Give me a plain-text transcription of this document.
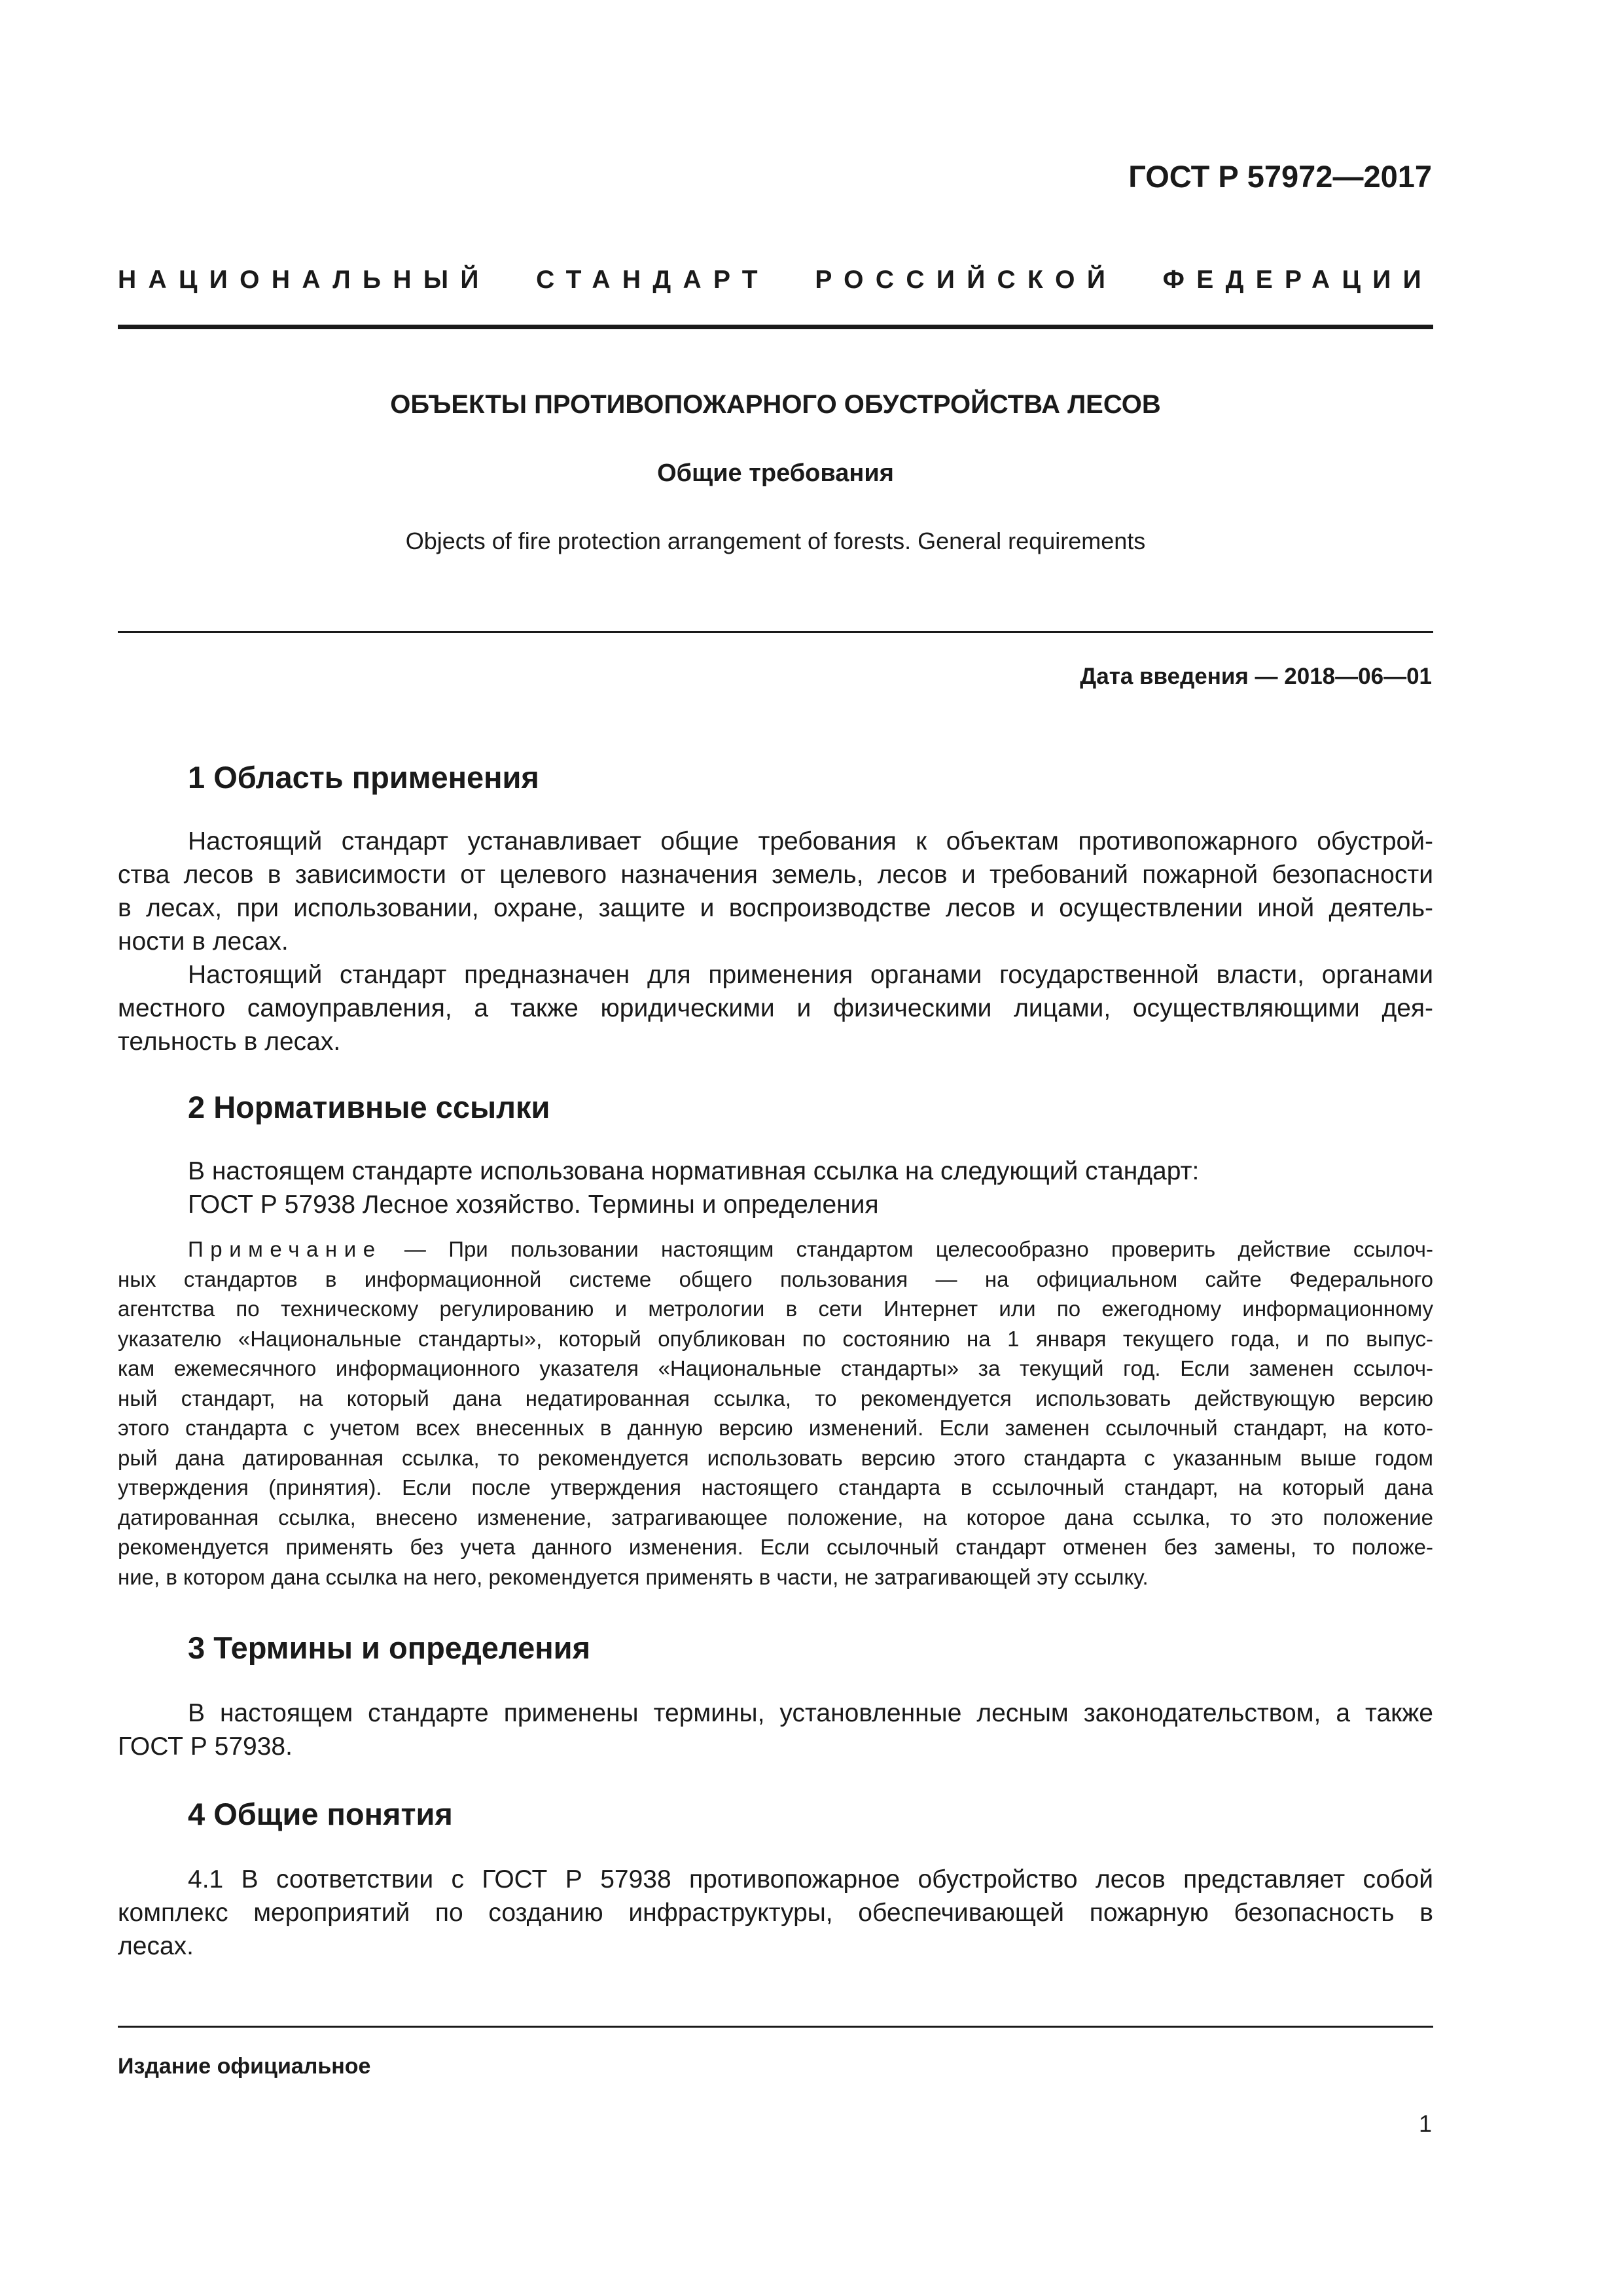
ГОСТ Р 57972—2017
НАЦИОНАЛЬНЫЙ СТАНДАРТ РОССИЙСКОЙ ФЕДЕРАЦИИ
ОБЪЕКТЫ ПРОТИВОПОЖАРНОГО ОБУСТРОЙСТВА ЛЕСОВ
Общие требования
Objects of fire protection arrangement of forests. General requirements
Дата введения — 2018—06—01
1 Область применения

Настоящий стандарт устанавливает общие требования к объектам противопожарного обустрой-
ства лесов в зависимости от целевого назначения земель, лесов и требований пожарной безопасности
в лесах, при использовании, охране, защите и воспроизводстве лесов и осуществлении иной деятель-
ности в лесах.

Настоящий стандарт предназначен для применения органами государственной власти, органами
местного самоуправления, а также юридическими и физическими лицами, осуществляющими дея-
тельность в лесах.

2 Нормативные ссылки

В настоящем стандарте использована нормативная ссылка на следующий стандарт:
ГОСТ Р 57938 Лесное хозяйство. Термины и определения

Примечание — При пользовании настоящим стандартом целесообразно проверить действие ссылоч-
ных стандартов в информационной системе общего пользования — на официальном сайте Федерального
агентства по техническому регулированию и метрологии в сети Интернет или по ежегодному информационному
указателю «Национальные стандарты», который опубликован по состоянию на 1 января текущего года, и по выпус-
кам ежемесячного информационного указателя «Национальные стандарты» за текущий год. Если заменен ссылоч-
ный стандарт, на который дана недатированная ссылка, то рекомендуется использовать действующую версию
этого стандарта с учетом всех внесенных в данную версию изменений. Если заменен ссылочный стандарт, на кото-
рый дана датированная ссылка, то рекомендуется использовать версию этого стандарта с указанным выше годом
утверждения (принятия). Если после утверждения настоящего стандарта в ссылочный стандарт, на который дана
датированная ссылка, внесено изменение, затрагивающее положение, на которое дана ссылка, то это положение
рекомендуется применять без учета данного изменения. Если ссылочный стандарт отменен без замены, то положе-
ние, в котором дана ссылка на него, рекомендуется применять в части, не затрагивающей эту ссылку.

3 Термины и определения

В настоящем стандарте применены термины, установленные лесным законодательством, а также
ГОСТ Р 57938.

4 Общие понятия

4.1 В соответствии с ГОСТ Р 57938 противопожарное обустройство лесов представляет собой
комплекс мероприятий по созданию инфраструктуры, обеспечивающей пожарную безопасность в
лесах.

Издание официальное
1
